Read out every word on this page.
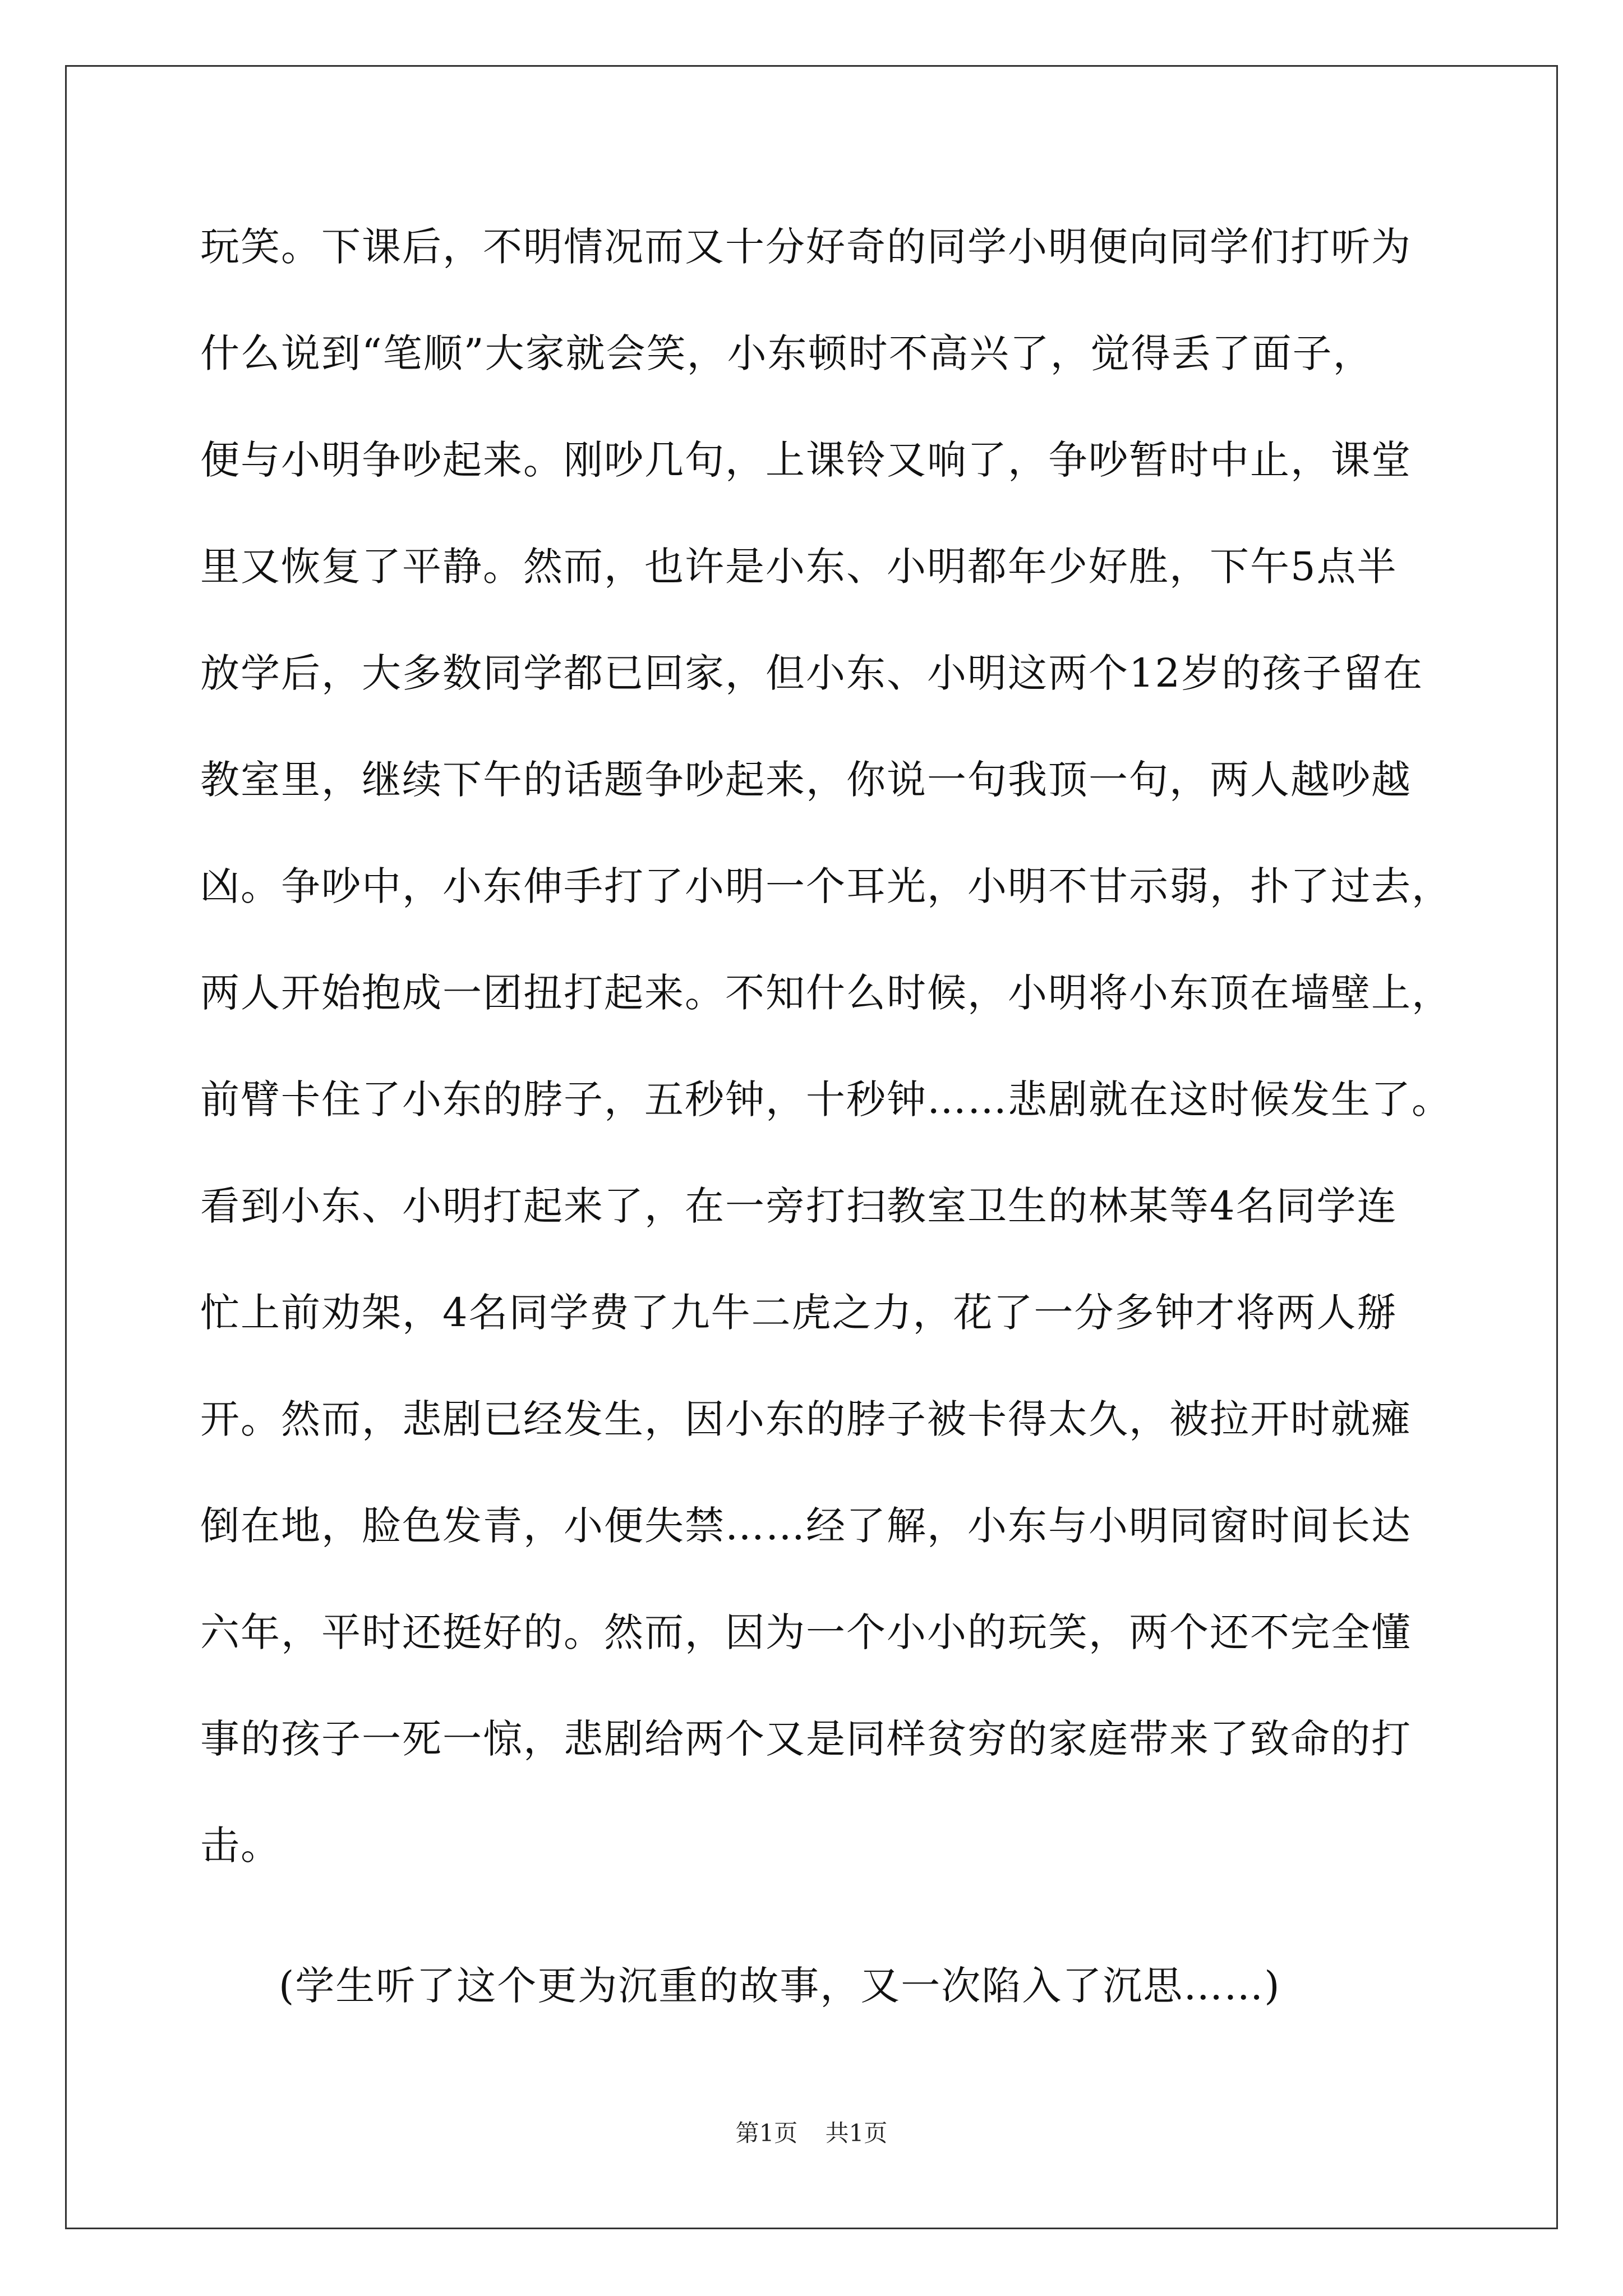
玩笑。下课后，不明情况而又十分好奇的同学小明便向同学们打听为
什么说到“笔顺”大家就会笑，小东顿时不高兴了，觉得丢了面子，
便与小明争吵起来。刚吵几句，上课铃又响了，争吵暂时中止，课堂
里又恢复了平静。然而，也许是小东、小明都年少好胜，下午5点半
放学后，大多数同学都已回家，但小东、小明这两个12岁的孩子留在
教室里，继续下午的话题争吵起来，你说一句我顶一句，两人越吵越
凶。争吵中，小东伸手打了小明一个耳光，小明不甘示弱，扑了过去，
两人开始抱成一团扭打起来。不知什么时候，小明将小东顶在墙壁上，
前臂卡住了小东的脖子，五秒钟，十秒钟……悲剧就在这时候发生了。
看到小东、小明打起来了，在一旁打扫教室卫生的林某等4名同学连
忙上前劝架，4名同学费了九牛二虎之力，花了一分多钟才将两人掰
开。然而，悲剧已经发生，因小东的脖子被卡得太久，被拉开时就瘫
倒在地，脸色发青，小便失禁……经了解，小东与小明同窗时间长达
六年，平时还挺好的。然而，因为一个小小的玩笑，两个还不完全懂
事的孩子一死一惊，悲剧给两个又是同样贫穷的家庭带来了致命的打
击。
(学生听了这个更为沉重的故事，又一次陷入了沉思……)
第1页 共1页
